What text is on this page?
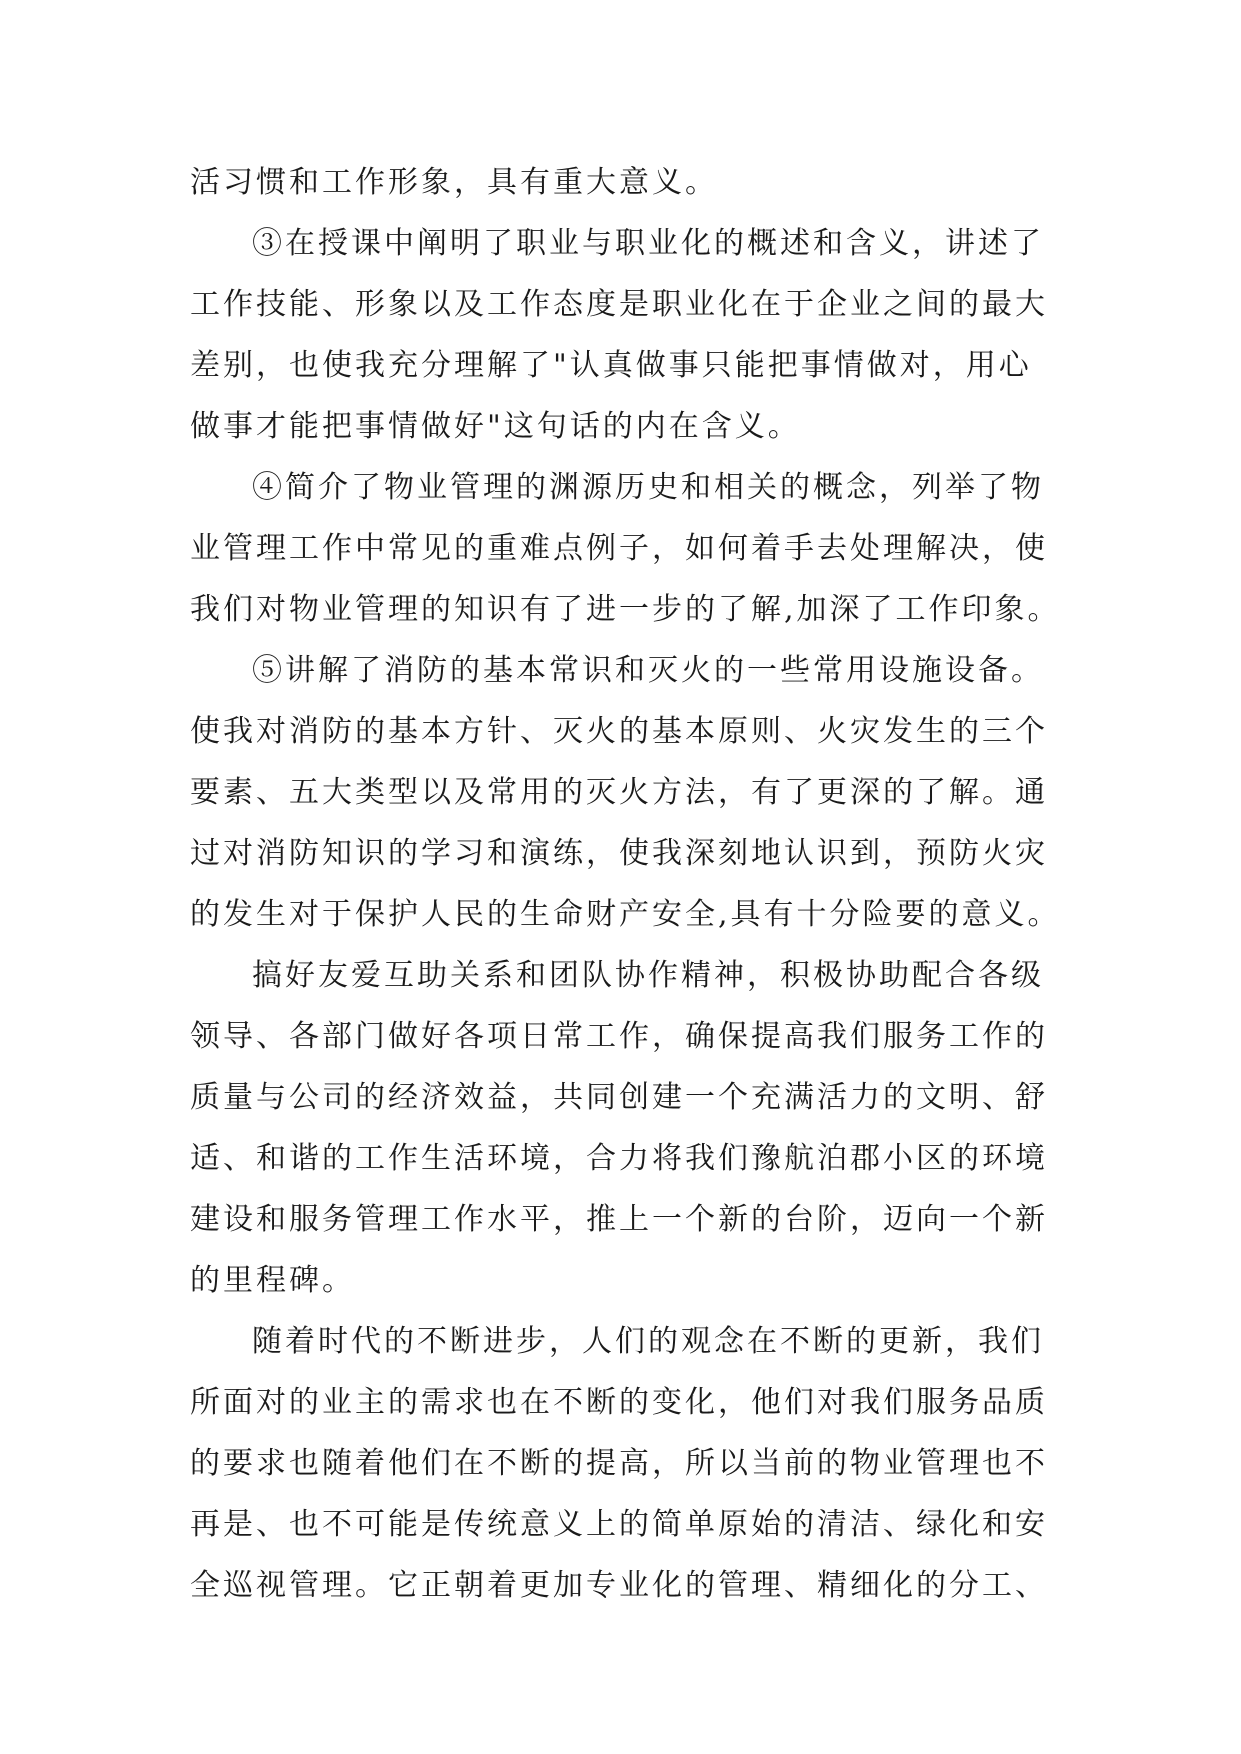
活习惯和工作形象，具有重大意义。
③在授课中阐明了职业与职业化的概述和含义，讲述了
工作技能、形象以及工作态度是职业化在于企业之间的最大
差别，也使我充分理解了"认真做事只能把事情做对，用心
做事才能把事情做好"这句话的内在含义。
④简介了物业管理的渊源历史和相关的概念，列举了物
业管理工作中常见的重难点例子，如何着手去处理解决，使
我们对物业管理的知识有了进一步的了解,加深了工作印象。
⑤讲解了消防的基本常识和灭火的一些常用设施设备。
使我对消防的基本方针、灭火的基本原则、火灾发生的三个
要素、五大类型以及常用的灭火方法，有了更深的了解。通
过对消防知识的学习和演练，使我深刻地认识到，预防火灾
的发生对于保护人民的生命财产安全,具有十分险要的意义。
搞好友爱互助关系和团队协作精神，积极协助配合各级
领导、各部门做好各项日常工作，确保提高我们服务工作的
质量与公司的经济效益，共同创建一个充满活力的文明、舒
适、和谐的工作生活环境，合力将我们豫航泊郡小区的环境
建设和服务管理工作水平，推上一个新的台阶，迈向一个新
的里程碑。
随着时代的不断进步，人们的观念在不断的更新，我们
所面对的业主的需求也在不断的变化，他们对我们服务品质
的要求也随着他们在不断的提高，所以当前的物业管理也不
再是、也不可能是传统意义上的简单原始的清洁、绿化和安
全巡视管理。它正朝着更加专业化的管理、精细化的分工、
